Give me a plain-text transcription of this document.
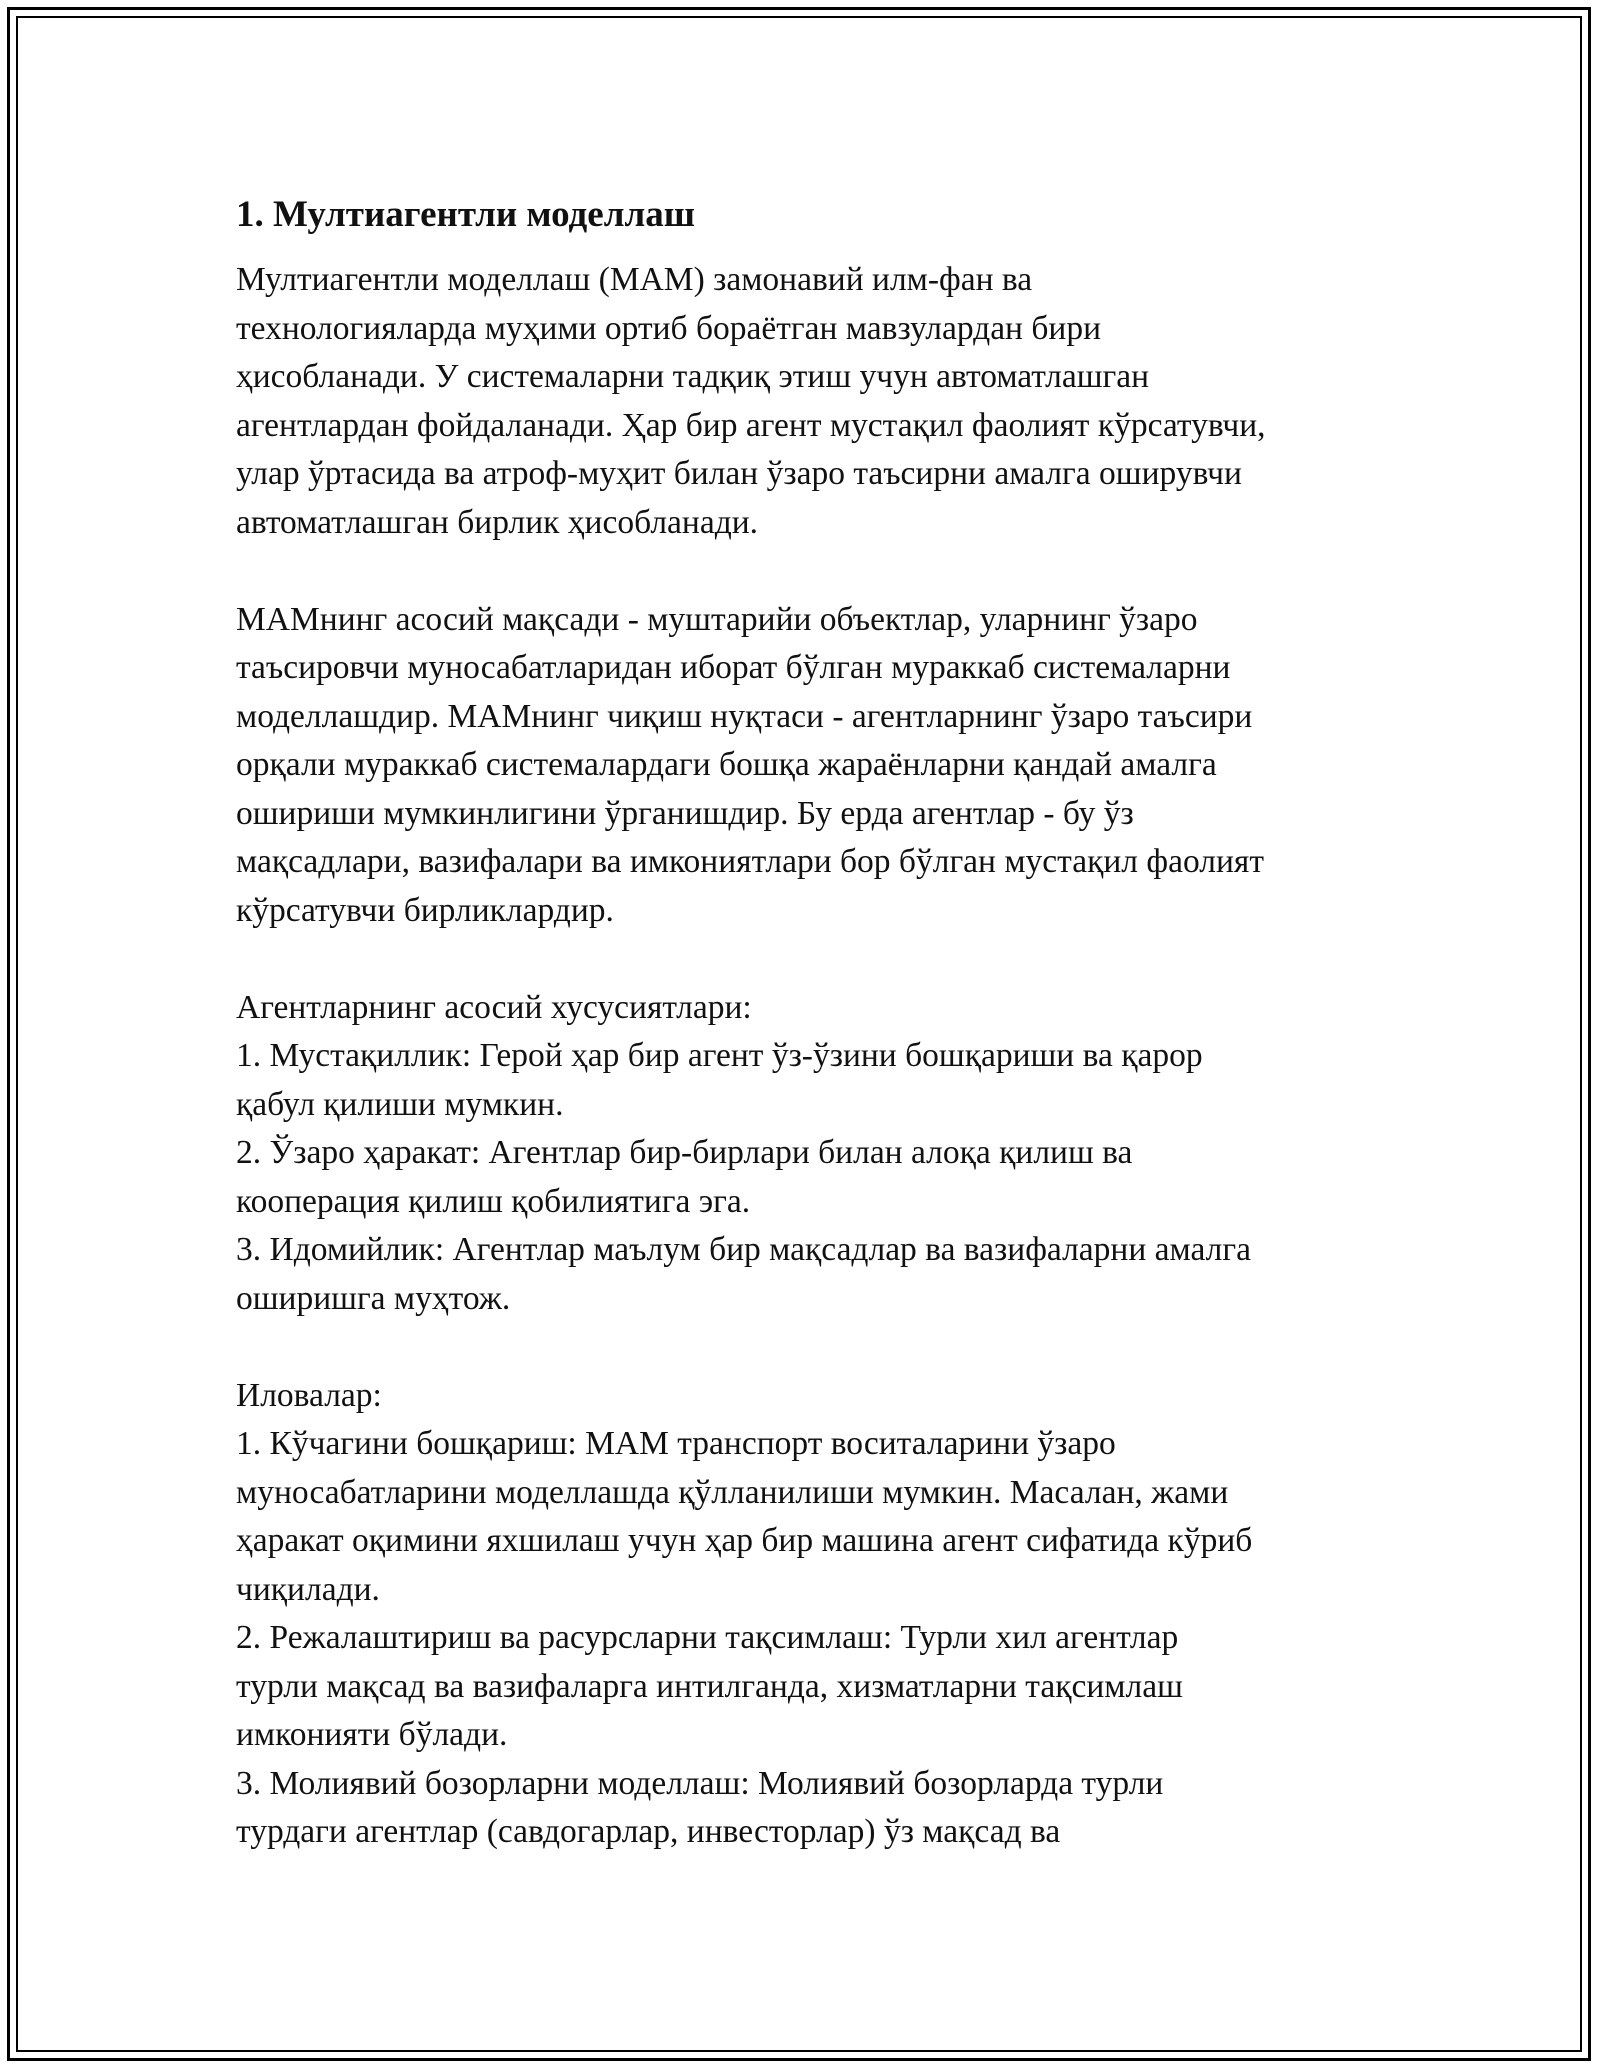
1. Мултиагентли моделлаш

Мултиагентли моделлаш (МАМ) замонавий илм-фан ва
технологияларда муҳими ортиб бораётган мавзулардан бири
ҳисобланади. У системаларни тадқиқ этиш учун автоматлашган
агентлардан фойдаланади. Ҳар бир агент мустақил фаолият кўрсатувчи,
улар ўртасида ва атроф-муҳит билан ўзаро таъсирни амалга оширувчи
автоматлашган бирлик ҳисобланади.

МАМнинг асосий мақсади - муштарийи объектлар, уларнинг ўзаро
таъсировчи муносабатларидан иборат бўлган мураккаб системаларни
моделлашдир. МАМнинг чиқиш нуқтаси - агентларнинг ўзаро таъсири
орқали мураккаб системалардаги бошқа жараёнларни қандай амалга
ошириши мумкинлигини ўрганишдир. Бу ерда агентлар - бу ўз
мақсадлари, вазифалари ва имкониятлари бор бўлган мустақил фаолият
кўрсатувчи бирликлардир.

Агентларнинг асосий хусусиятлари:
1. Мустақиллик: Герой ҳар бир агент ўз-ўзини бошқариши ва қарор
қабул қилиши мумкин.
2. Ўзаро ҳаракат: Агентлар бир-бирлари билан алоқа қилиш ва
кооперация қилиш қобилиятига эга.
3. Идомийлик: Агентлар маълум бир мақсадлар ва вазифаларни амалга
оширишга муҳтож.

Иловалар:
1. Кўчагини бошқариш: МАМ транспорт воситаларини ўзаро
муносабатларини моделлашда қўлланилиши мумкин. Масалан, жами
ҳаракат оқимини яхшилаш учун ҳар бир машина агент сифатида кўриб
чиқилади.
2. Режалаштириш ва расурсларни тақсимлаш: Турли хил агентлар
турли мақсад ва вазифаларга интилганда, хизматларни тақсимлаш
имконияти бўлади.
3. Молиявий бозорларни моделлаш: Молиявий бозорларда турли
турдаги агентлар (савдогарлар, инвесторлар) ўз мақсад ва
